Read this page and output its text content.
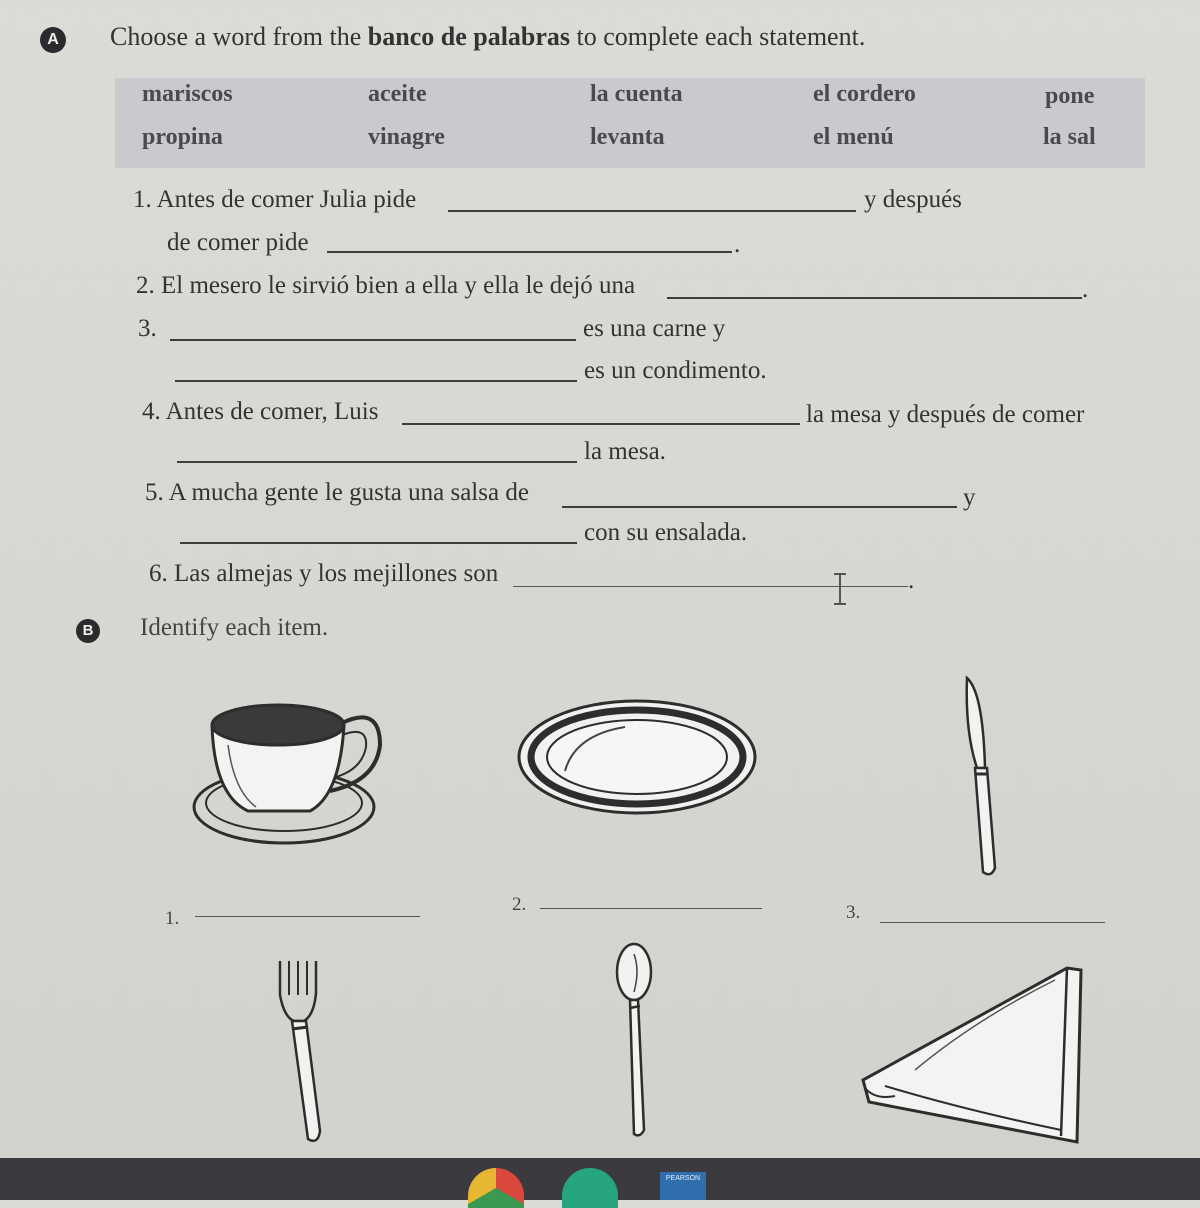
A Choose a word from the banco de palabras to complete each statement.
mariscos	aceite	la cuenta	el cordero	pone
propina	vinagre	levanta	el menú	la sal
1. Antes de comer Julia pide	y después
de comer pide	.
2. El mesero le sirvió bien a ella y ella le dejó una	.
3.	es una carne y
es un condimento.
4. Antes de comer, Luis	la mesa y después de comer
la mesa.
5. A mucha gente le gusta una salsa de	y
con su ensalada.
6. Las almejas y los mejillones son	.
B Identify each item.
1.
2.	3.
PEARSON
